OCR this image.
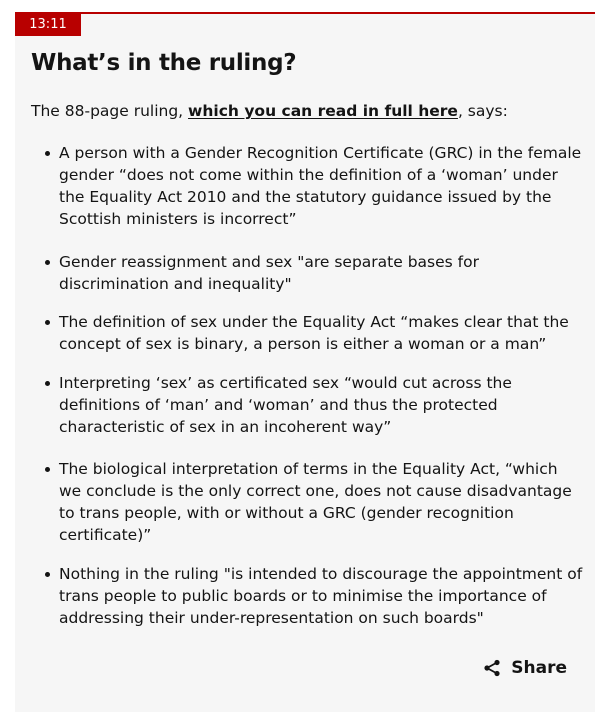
13:11
What’s in the ruling?

The 88-page ruling, which you can read in full here, says:

A person with a Gender Recognition Certificate (GRC) in the female gender “does not come within the definition of a ‘woman’ under the Equality Act 2010 and the statutory guidance issued by the Scottish ministers is incorrect”
Gender reassignment and sex "are separate bases for discrimination and inequality"
The definition of sex under the Equality Act “makes clear that the concept of sex is binary, a person is either a woman or a man”
Interpreting ‘sex’ as certificated sex “would cut across the definitions of ‘man’ and ‘woman’ and thus the protected characteristic of sex in an incoherent way”
The biological interpretation of terms in the Equality Act, “which we conclude is the only correct one, does not cause disadvantage to trans people, with or without a GRC (gender recognition certificate)”
Nothing in the ruling "is intended to discourage the appointment of trans people to public boards or to minimise the importance of addressing their under-representation on such boards"
Share
